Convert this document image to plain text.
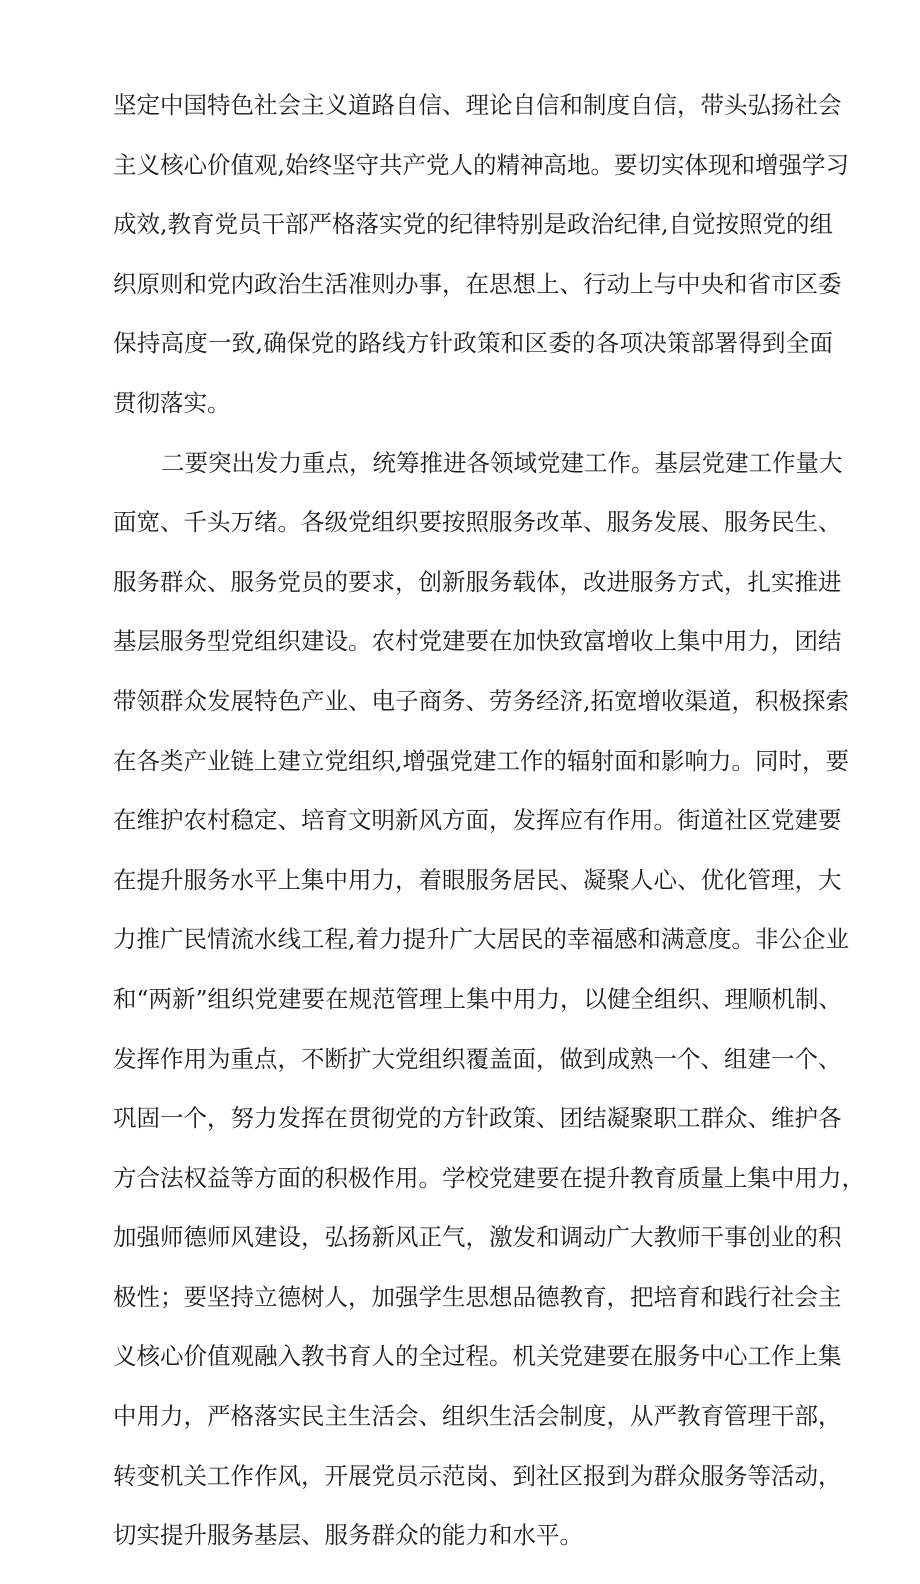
坚定中国特色社会主义道路自信、理论自信和制度自信，带头弘扬社会
主义核心价值观,始终坚守共产党人的精神高地。要切实体现和增强学习
成效,教育党员干部严格落实党的纪律特别是政治纪律,自觉按照党的组
织原则和党内政治生活准则办事，在思想上、行动上与中央和省市区委
保持高度一致,确保党的路线方针政策和区委的各项决策部署得到全面
贯彻落实。
二要突出发力重点，统筹推进各领域党建工作。基层党建工作量大
面宽、千头万绪。各级党组织要按照服务改革、服务发展、服务民生、
服务群众、服务党员的要求，创新服务载体，改进服务方式，扎实推进
基层服务型党组织建设。农村党建要在加快致富增收上集中用力，团结
带领群众发展特色产业、电子商务、劳务经济,拓宽增收渠道，积极探索
在各类产业链上建立党组织,增强党建工作的辐射面和影响力。同时，要
在维护农村稳定、培育文明新风方面，发挥应有作用。街道社区党建要
在提升服务水平上集中用力，着眼服务居民、凝聚人心、优化管理，大
力推广民情流水线工程,着力提升广大居民的幸福感和满意度。非公企业
和“两新”组织党建要在规范管理上集中用力，以健全组织、理顺机制、
发挥作用为重点，不断扩大党组织覆盖面，做到成熟一个、组建一个、
巩固一个，努力发挥在贯彻党的方针政策、团结凝聚职工群众、维护各
方合法权益等方面的积极作用。学校党建要在提升教育质量上集中用力，
加强师德师风建设，弘扬新风正气，激发和调动广大教师干事创业的积
极性；要坚持立德树人，加强学生思想品德教育，把培育和践行社会主
义核心价值观融入教书育人的全过程。机关党建要在服务中心工作上集
中用力，严格落实民主生活会、组织生活会制度，从严教育管理干部，
转变机关工作作风，开展党员示范岗、到社区报到为群众服务等活动，
切实提升服务基层、服务群众的能力和水平。
